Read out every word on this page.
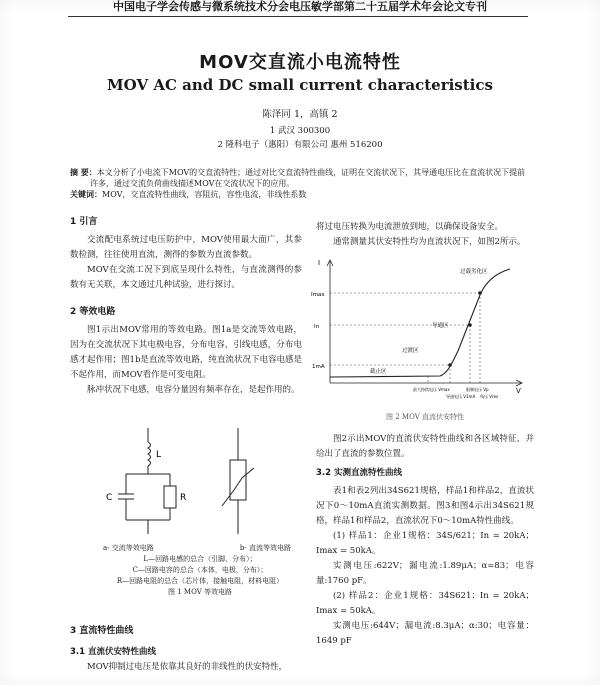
中国电子学会传感与微系统技术分会电压敏学部第二十五届学术年会论文专刊
MOV交直流小电流特性
MOV AC and DC small current characteristics
陈泽同 1，高镇 2
1 武汉 300300
2 隆科电子（惠阳）有限公司 惠州 516200
摘 要：本文分析了小电流下MOV的交直流特性；通过对比交直流特性曲线，证明在交流状况下，其导通电压比在直流状况下提前
许多，通过交流负荷曲线描述MOV在交流状况下的应用。
关键词：MOV，交直流特性曲线，容阻抗，容性电流，非线性系数
1 引言

交流配电系统过电压防护中，MOV使用最大面广，其参数检测，往往使用直流，测得的参数为直流参数。

MOV在交流工况下到底呈现什么特性，与直流测得的参数有无关联，本文通过几种试验，进行探讨。

2 等效电路

图1示出MOV常用的等效电路。图1a是交流等效电路，因为在交流状况下其电极电容，分布电容，引线电感，分布电感才起作用；图1b是直流等效电路，纯直流状况下电容电感是不起作用，而MOV看作是可变电阻。

脉冲状况下电感，电容分量因有频率存在，是起作用的。

L
C	R
a- 交流等效电路	b- 直流等效电路
L—回路电感的总合（引脚，分布）；
C—回路电容的总合（本体，电极，分布）；
R—回路电阻的总合（芯片体，接触电阻，材料电阻）
图 1 MOV 等效电路
3 直流特性曲线
3.1 直流伏安特性曲线

MOV抑制过电压是依靠其良好的非线性的伏安特性，

将过电压转换为电流泄放到地，以确保设备安全。

通常测量其伏安特性均为直流状况下，如图2所示。

I
V
Imax
In
1mA
截止区
过渡区
导通区
过载劣化区
最大持续电压 Vmax
导通电压 V1mA
限制电压 Vp
残压 Vres
图 2 MOV 直流伏安特性

图2示出MOV的直流伏安特性曲线和各区域特征，并给出了直流的参数位置。

3.2 实测直流特性曲线

表1和表2列出34S621规格，样品1和样品2，直流状况下0～10mA直流实测数据。图3和图4示出34S621规格，样品1和样品2，直流状况下0～10mA特性曲线。

(1) 样品1：企业1规格：34S/621；In = 20kA；Imax = 50kA。

实测电压:622V；漏电流:1.89μA；α=83；电容量:1760 pF。

(2) 样品2：企业1规格：34S621；In = 20kA；Imax = 50kA。

实测电压:644V；漏电流:8.3μA；α:30；电容量：1649 pF
